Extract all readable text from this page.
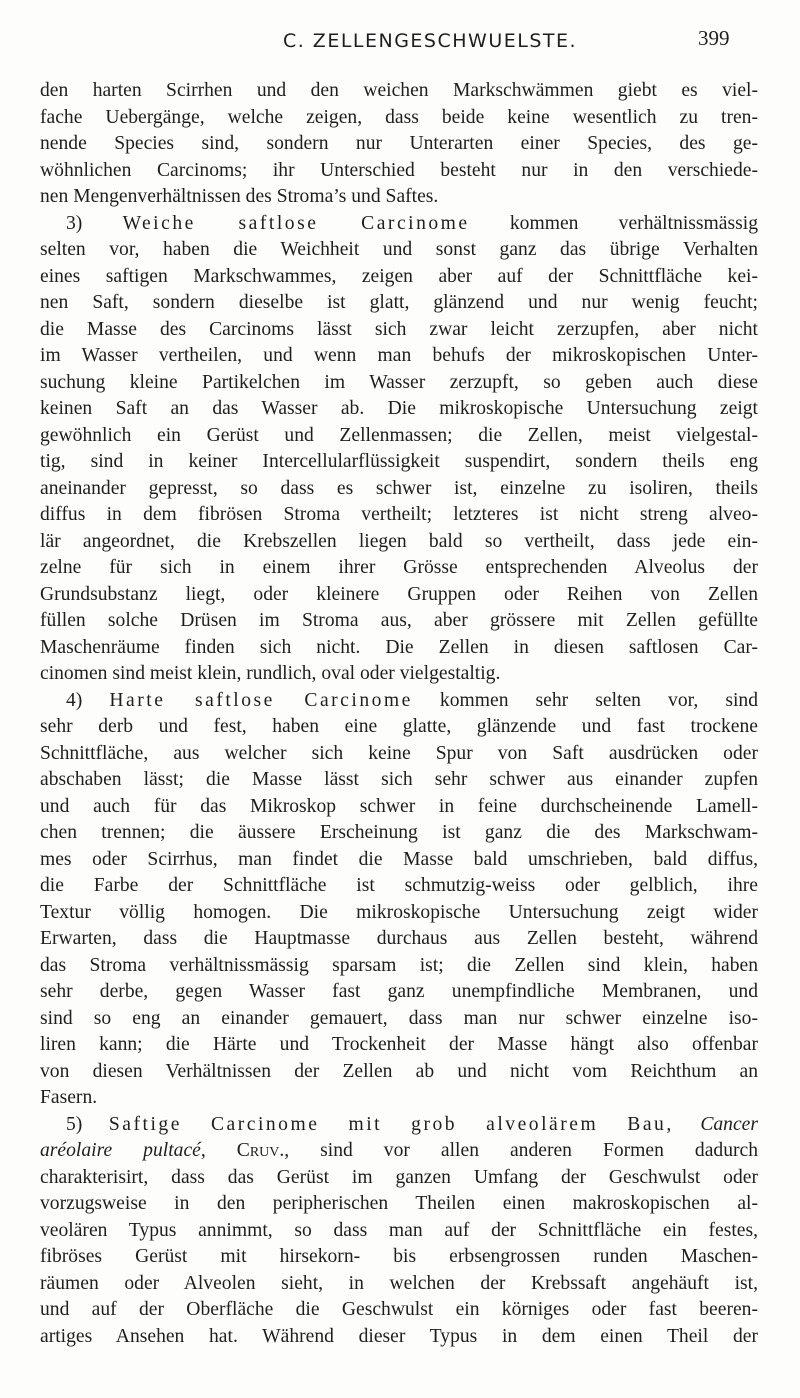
C. ZELLENGESCHWUELSTE.	399
den harten Scirrhen und den weichen Markschwämmen giebt es viel-
fache Uebergänge, welche zeigen, dass beide keine wesentlich zu tren-
nende Species sind, sondern nur Unterarten einer Species, des ge-
wöhnlichen Carcinoms; ihr Unterschied besteht nur in den verschiede-
nen Mengenverhältnissen des Stroma’s und Saftes.
3) Weiche saftlose Carcinome kommen verhältnissmässig
selten vor, haben die Weichheit und sonst ganz das übrige Verhalten
eines saftigen Markschwammes, zeigen aber auf der Schnittfläche kei-
nen Saft, sondern dieselbe ist glatt, glänzend und nur wenig feucht;
die Masse des Carcinoms lässt sich zwar leicht zerzupfen, aber nicht
im Wasser vertheilen, und wenn man behufs der mikroskopischen Unter-
suchung kleine Partikelchen im Wasser zerzupft, so geben auch diese
keinen Saft an das Wasser ab. Die mikroskopische Untersuchung zeigt
gewöhnlich ein Gerüst und Zellenmassen; die Zellen, meist vielgestal-
tig, sind in keiner Intercellularflüssigkeit suspendirt, sondern theils eng
aneinander gepresst, so dass es schwer ist, einzelne zu isoliren, theils
diffus in dem fibrösen Stroma vertheilt; letzteres ist nicht streng alveo-
lär angeordnet, die Krebszellen liegen bald so vertheilt, dass jede ein-
zelne für sich in einem ihrer Grösse entsprechenden Alveolus der
Grundsubstanz liegt, oder kleinere Gruppen oder Reihen von Zellen
füllen solche Drüsen im Stroma aus, aber grössere mit Zellen gefüllte
Maschenräume finden sich nicht. Die Zellen in diesen saftlosen Car-
cinomen sind meist klein, rundlich, oval oder vielgestaltig.
4) Harte saftlose Carcinome kommen sehr selten vor, sind
sehr derb und fest, haben eine glatte, glänzende und fast trockene
Schnittfläche, aus welcher sich keine Spur von Saft ausdrücken oder
abschaben lässt; die Masse lässt sich sehr schwer aus einander zupfen
und auch für das Mikroskop schwer in feine durchscheinende Lamell-
chen trennen; die äussere Erscheinung ist ganz die des Markschwam-
mes oder Scirrhus, man findet die Masse bald umschrieben, bald diffus,
die Farbe der Schnittfläche ist schmutzig-weiss oder gelblich, ihre
Textur völlig homogen. Die mikroskopische Untersuchung zeigt wider
Erwarten, dass die Hauptmasse durchaus aus Zellen besteht, während
das Stroma verhältnissmässig sparsam ist; die Zellen sind klein, haben
sehr derbe, gegen Wasser fast ganz unempfindliche Membranen, und
sind so eng an einander gemauert, dass man nur schwer einzelne iso-
liren kann; die Härte und Trockenheit der Masse hängt also offenbar
von diesen Verhältnissen der Zellen ab und nicht vom Reichthum an
Fasern.
5) Saftige Carcinome mit grob alveolärem Bau, Cancer
aréolaire pultacé, Cruv., sind vor allen anderen Formen dadurch
charakterisirt, dass das Gerüst im ganzen Umfang der Geschwulst oder
vorzugsweise in den peripherischen Theilen einen makroskopischen al-
veolären Typus annimmt, so dass man auf der Schnittfläche ein festes,
fibröses Gerüst mit hirsekorn- bis erbsengrossen runden Maschen-
räumen oder Alveolen sieht, in welchen der Krebssaft angehäuft ist,
und auf der Oberfläche die Geschwulst ein körniges oder fast beeren-
artiges Ansehen hat. Während dieser Typus in dem einen Theil der
